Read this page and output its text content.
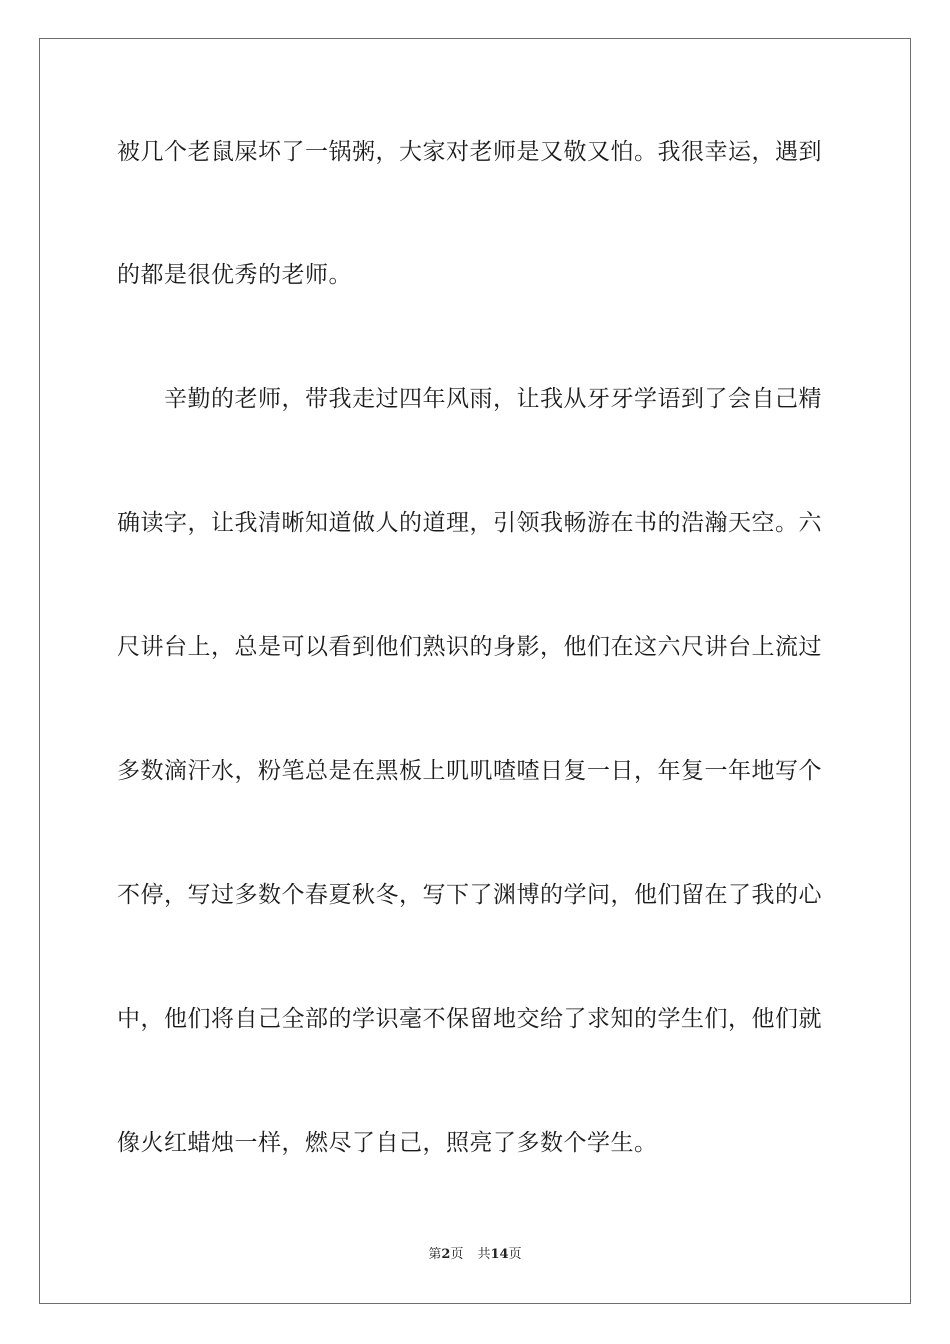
被几个老鼠屎坏了一锅粥，大家对老师是又敬又怕。我很幸运，遇到
的都是很优秀的老师。
辛勤的老师，带我走过四年风雨，让我从牙牙学语到了会自己精
确读字，让我清晰知道做人的道理，引领我畅游在书的浩瀚天空。六
尺讲台上，总是可以看到他们熟识的身影，他们在这六尺讲台上流过
多数滴汗水，粉笔总是在黑板上叽叽喳喳日复一日，年复一年地写个
不停，写过多数个春夏秋冬，写下了渊博的学问，他们留在了我的心
中，他们将自己全部的学识毫不保留地交给了求知的学生们，他们就
像火红蜡烛一样，燃尽了自己，照亮了多数个学生。
第2页 共14页
